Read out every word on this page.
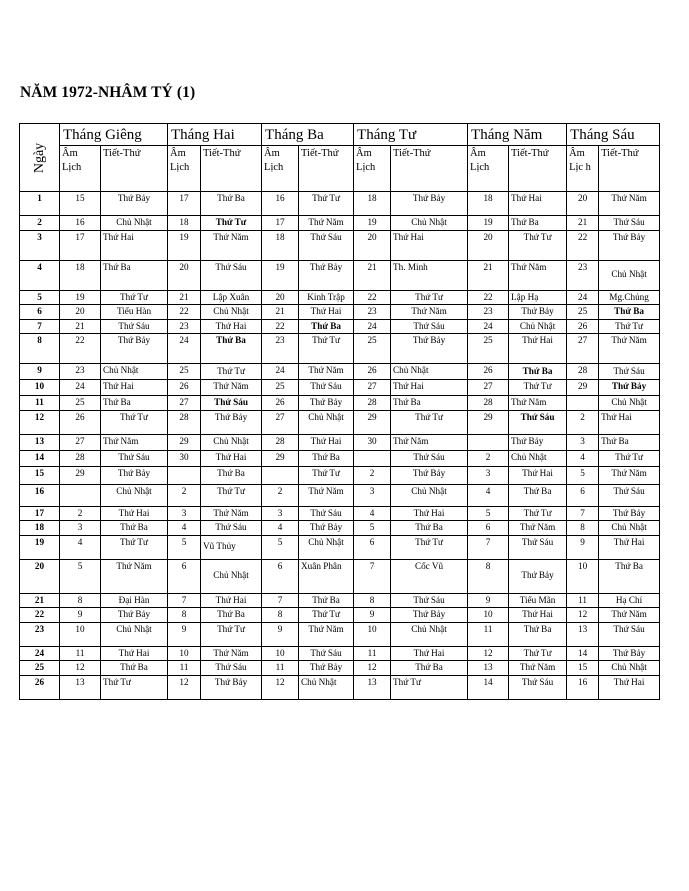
NĂM 1972-NHÂM TÝ (1)
Ngày	Tháng Giêng		Tháng Hai		Tháng Ba		Tháng Tư		Tháng Năm		Tháng Sáu	
	Âm Lịch	Tiết-Thứ	Âm Lịch	Tiết-Thứ	Âm Lịch	Tiết-Thứ	Âm Lịch	Tiết-Thứ	Âm Lịch	Tiết-Thứ	Âm Lịc h	Tiết-Thứ
1	15	Thứ Bảy	17	Thứ Ba	16	Thứ Tư	18	Thứ Bảy	18	Thứ Hai	20	Thứ Năm
2	16	Chủ Nhật	18	Thứ Tư	17	Thứ Năm	19	Chủ Nhật	19	Thứ Ba	21	Thứ Sáu
3	17	Thứ Hai	19	Thứ Năm	18	Thứ Sáu	20	Thứ Hai	20	Thứ Tư	22	Thứ Bảy
4	18	Thứ Ba	20	Thứ Sáu	19	Thứ Bảy	21	Th. Minh	21	Thứ Năm	23	Chủ Nhật
5	19	Thứ Tư	21	Lập Xuân	20	Kinh Trập	22	Thứ Tư	22	Lập Hạ	24	Mg.Chủng
6	20	Tiểu Hàn	22	Chủ Nhật	21	Thứ Hai	23	Thứ Năm	23	Thứ Bảy	25	Thứ Ba
7	21	Thứ Sáu	23	Thứ Hai	22	Thứ Ba	24	Thứ Sáu	24	Chủ Nhật	26	Thứ Tư
8	22	Thứ Bảy	24	Thứ Ba	23	Thứ Tư	25	Thứ Bảy	25	Thứ Hai	27	Thứ Năm
9	23	Chủ Nhật	25	Thứ Tư	24	Thứ Năm	26	Chủ Nhật	26	Thứ Ba	28	Thứ Sáu
10	24	Thứ Hai	26	Thứ Năm	25	Thứ Sáu	27	Thứ Hai	27	Thứ Tư	29	Thứ Bảy
11	25	Thứ Ba	27	Thứ Sáu	26	Thứ Bảy	28	Thứ Ba	28	Thứ Năm		Chủ Nhật
12	26	Thứ Tư	28	Thứ Bảy	27	Chủ Nhật	29	Thứ Tư	29	Thứ Sáu	2	Thứ Hai
13	27	Thứ Năm	29	Chủ Nhật	28	Thứ Hai	30	Thứ Năm		Thứ Bảy	3	Thứ Ba
14	28	Thứ Sáu	30	Thứ Hai	29	Thứ Ba		Thứ Sáu	2	Chủ Nhật	4	Thứ Tư
15	29	Thứ Bảy		Thứ Ba		Thứ Tư	2	Thứ Bảy	3	Thứ Hai	5	Thứ Năm
16		Chủ Nhật	2	Thứ Tư	2	Thứ Năm	3	Chủ Nhật	4	Thứ Ba	6	Thứ Sáu
17	2	Thứ Hai	3	Thứ Năm	3	Thứ Sáu	4	Thứ Hai	5	Thứ Tư	7	Thứ Bảy
18	3	Thứ Ba	4	Thứ Sáu	4	Thứ Bảy	5	Thứ Ba	6	Thứ Năm	8	Chủ Nhật
19	4	Thứ Tư	5	Vũ Thủy	5	Chủ Nhật	6	Thứ Tư	7	Thứ Sáu	9	Thứ Hai
20	5	Thứ Năm	6	Chủ Nhật	6	Xuân Phân	7	Cốc Vũ	8	Thứ Bảy	10	Thứ Ba
21	8	Đại Hàn	7	Thứ Hai	7	Thứ Ba	8	Thứ Sáu	9	Tiểu Mãn	11	Hạ Chí
22	9	Thứ Bảy	8	Thứ Ba	8	Thứ Tư	9	Thứ Bảy	10	Thứ Hai	12	Thứ Năm
23	10	Chủ Nhật	9	Thứ Tư	9	Thứ Năm	10	Chủ Nhật	11	Thứ Ba	13	Thứ Sáu
24	11	Thứ Hai	10	Thứ Năm	10	Thứ Sáu	11	Thứ Hai	12	Thứ Tư	14	Thứ Bảy
25	12	Thứ Ba	11	Thứ Sáu	11	Thứ Bảy	12	Thứ Ba	13	Thứ Năm	15	Chủ Nhật
26	13	Thứ Tư	12	Thứ Bảy	12	Chủ Nhật	13	Thứ Tư	14	Thứ Sáu	16	Thứ Hai
